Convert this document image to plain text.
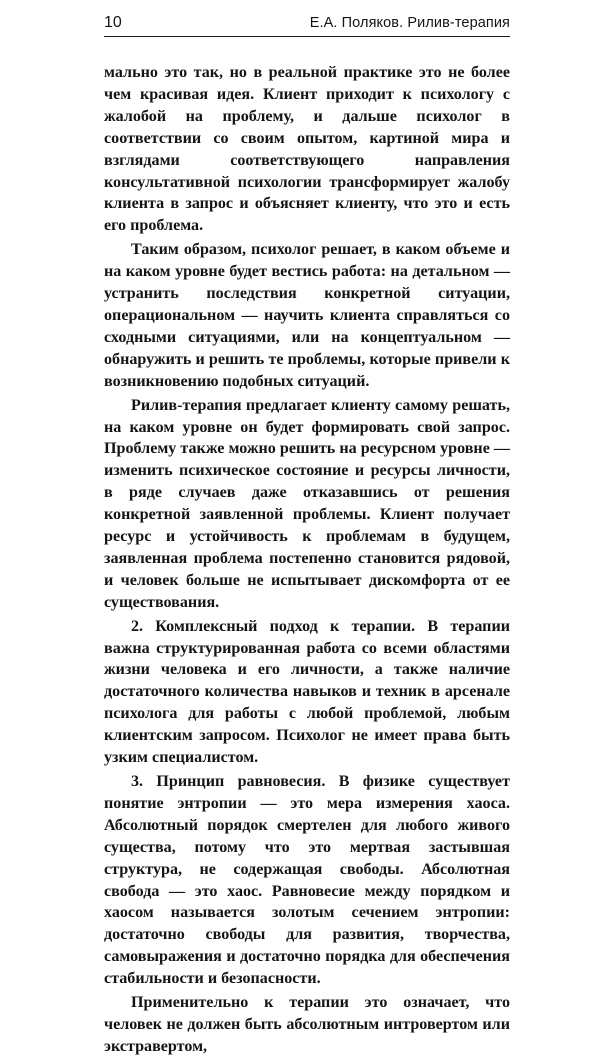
10	Е.А. Поляков. Рилив-терапия

мально это так, но в реальной практике это не более чем красивая идея. Клиент приходит к психологу с жалобой на проблему, и дальше психолог в соответствии со своим опытом, картиной мира и взглядами соответствующего направления консультативной психологии трансформирует жалобу клиента в запрос и объясняет клиенту, что это и есть его проблема.

Таким образом, психолог решает, в каком объеме и на каком уровне будет вестись работа: на детальном — устранить последствия конкретной ситуации, операциональном — научить клиента справляться со сходными ситуациями, или на концептуальном — обнаружить и решить те проблемы, которые привели к возникновению подобных ситуаций.

Рилив-терапия предлагает клиенту самому решать, на каком уровне он будет формировать свой запрос. Проблему также можно решить на ресурсном уровне — изменить психическое состояние и ресурсы личности, в ряде случаев даже отказавшись от решения конкретной заявленной проблемы. Клиент получает ресурс и устойчивость к проблемам в будущем, заявленная проблема постепенно становится рядовой, и человек больше не испытывает дискомфорта от ее существования.

2. Комплексный подход к терапии. В терапии важна структурированная работа со всеми областями жизни человека и его личности, а также наличие достаточного количества навыков и техник в арсенале психолога для работы с любой проблемой, любым клиентским запросом. Психолог не имеет права быть узким специалистом.

3. Принцип равновесия. В физике существует понятие энтропии — это мера измерения хаоса. Абсолютный порядок смертелен для любого живого существа, потому что это мертвая застывшая структура, не содержащая свободы. Абсолютная свобода — это хаос. Равновесие между порядком и хаосом называется золотым сечением энтропии: достаточно свободы для развития, творчества, самовыражения и достаточно порядка для обеспечения стабильности и безопасности.

Применительно к терапии это означает, что человек не должен быть абсолютным интровертом или экстравертом,
